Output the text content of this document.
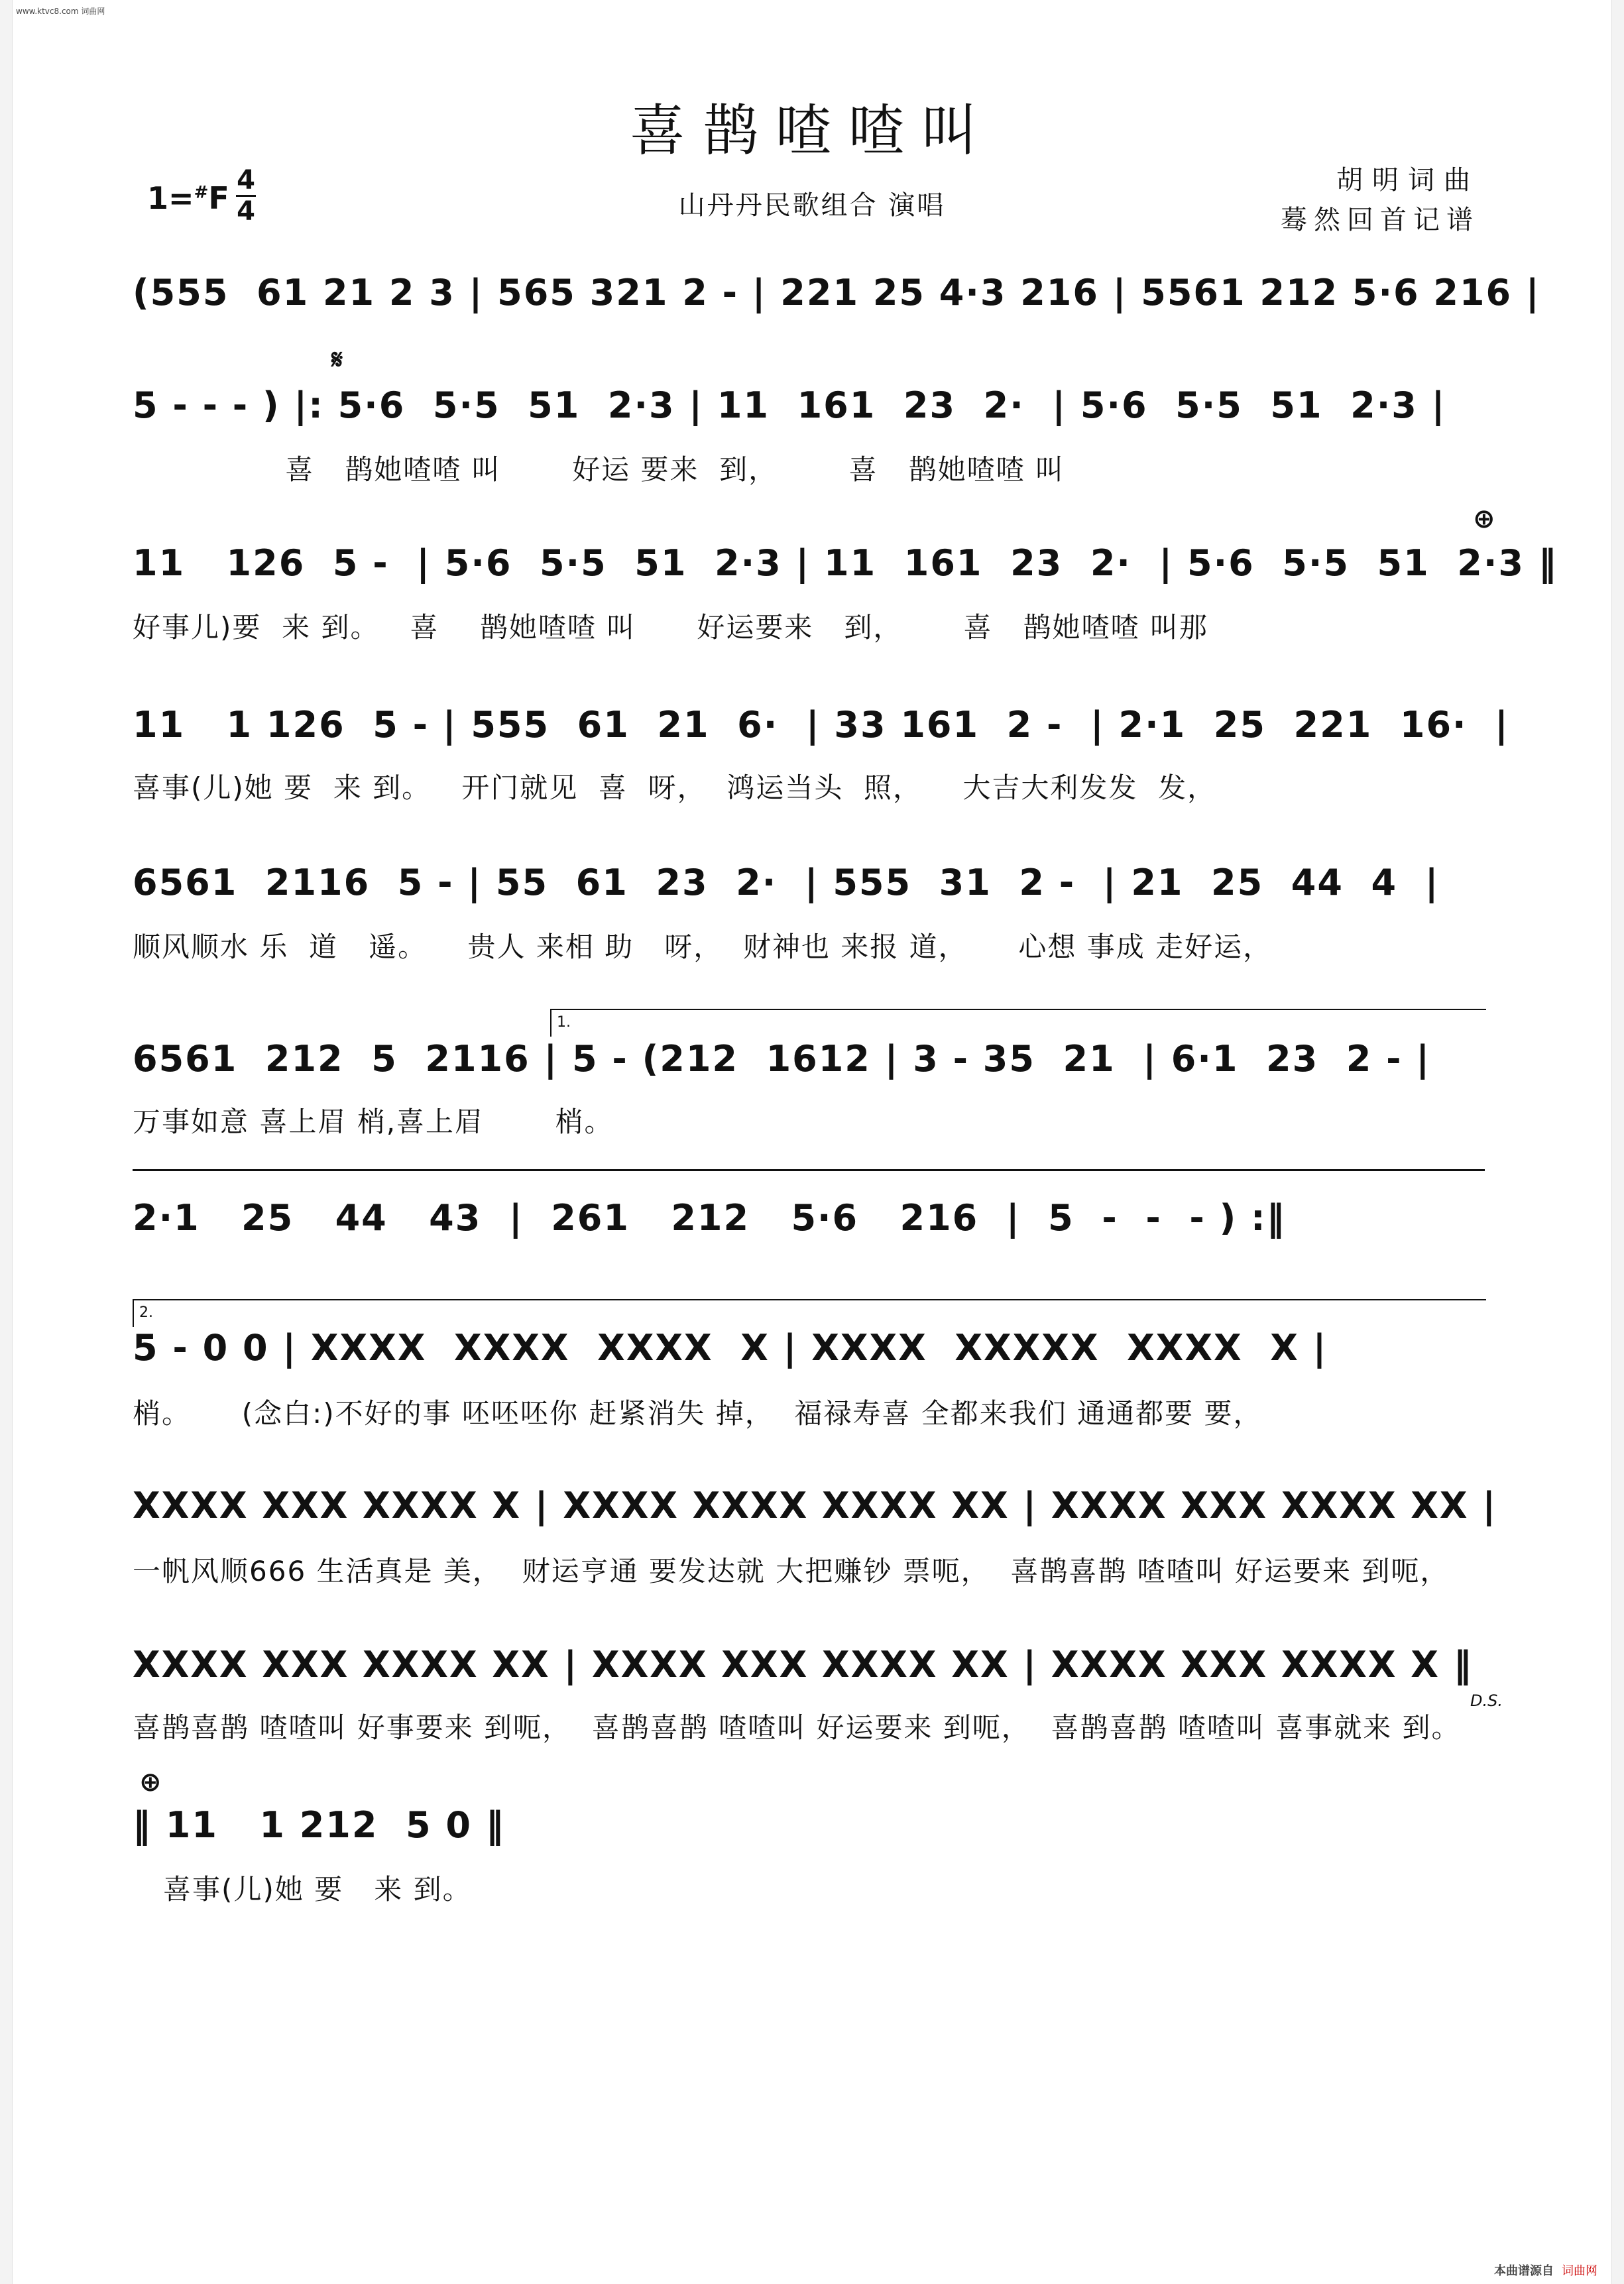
www.ktvc8.com 词曲网
喜鹊喳喳叫
1=#F 4
4	山丹丹民歌组合 演唱
胡明词曲
蓦然回首记谱
(555  61 21 2 3 | 565 321 2 - | 221 25 4·3 216 | 5561 212 5·6 216 |
𝄋
5 - - - ) |: 5·6  5·5  51  2·3 | 11  161  23  2·  | 5·6  5·5  51  2·3 |
喜   鹊她喳喳 叫       好运 要来  到，       喜   鹊她喳喳 叫
⊕
11   126  5 -  | 5·6  5·5  51  2·3 | 11  161  23  2·  | 5·6  5·5  51  2·3 ‖
好事儿)要  来 到。   喜    鹊她喳喳 叫      好运要来   到，      喜   鹊她喳喳 叫那
11   1 126  5 - | 555  61  21  6·  | 33 161  2 -  | 2·1  25  221  16·  |
喜事(儿)她 要  来 到。   开门就见  喜  呀，  鸿运当头  照，    大吉大利发发  发，
6561  2116  5 - | 55  61  23  2·  | 555  31  2 -  | 21  25  44  4  |
顺风顺水 乐  道   遥。    贵人 来相 助   呀，  财神也 来报 道，     心想 事成 走好运，
1.
6561  212  5  2116 | 5 - (212  1612 | 3 - 35  21  | 6·1  23  2 - |
万事如意 喜上眉 梢,喜上眉       梢。
2·1   25   44   43  |  261   212   5·6   216  |  5  -  -  - ) :‖
2.
5 - 0 0 | XXXX  XXXX  XXXX  X | XXXX  XXXXX  XXXX  X |
梢。     (念白:)不好的事 呸呸呸你 赶紧消失 掉，  福禄寿喜 全都来我们 通通都要 要，
XXXX XXX XXXX X | XXXX XXXX XXXX XX | XXXX XXX XXXX XX |
一帆风顺666 生活真是 美，  财运亨通 要发达就 大把赚钞 票呃，  喜鹊喜鹊 喳喳叫 好运要来 到呃，
XXXX XXX XXXX XX | XXXX XXX XXXX XX | XXXX XXX XXXX X ‖
D.S.
喜鹊喜鹊 喳喳叫 好事要来 到呃，  喜鹊喜鹊 喳喳叫 好运要来 到呃，  喜鹊喜鹊 喳喳叫 喜事就来 到。
⊕
‖ 11   1 212  5 0 ‖
喜事(儿)她 要   来 到。
本曲谱源自 词曲网
